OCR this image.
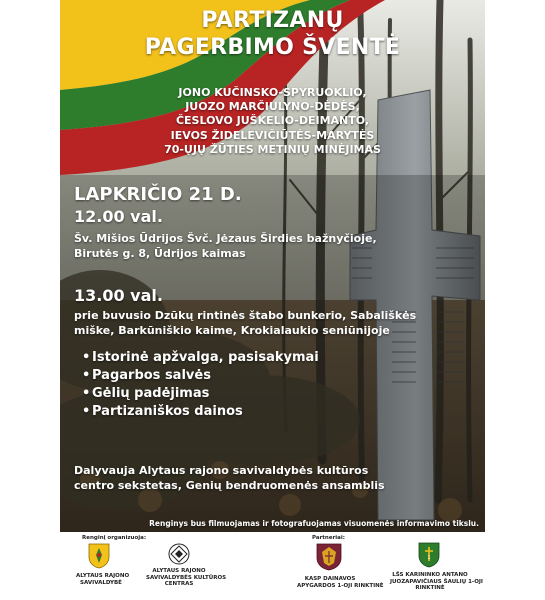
PARTIZANŲ
PAGERBIMO ŠVENTĖ
JONO KUČINSKO-SPYRUOKLIO,
JUOZO MARČIULYNO-DĖDĖS,
ČESLOVO JUŠKELIO-DEIMANTO,
IEVOS ŽIDELEVIČIŪTĖS-MARYTĖS
70-ŲJŲ ŽŪTIES METINIŲ MINĖJIMAS
LAPKRIČIO 21 D.
12.00 val.
Šv. Mišios Ūdrijos Švč. Jėzaus Širdies bažnyčioje,
Birutės g. 8, Ūdrijos kaimas
13.00 val.
prie buvusio Dzūkų rintinės štabo bunkerio, Sabališkės
miške, Barkūniškio kaime, Krokialaukio seniūnijoje
• Istorinė apžvalga, pasisakymai
• Pagarbos salvės
• Gėlių padėjimas
• Partizaniškos dainos
Dalyvauja Alytaus rajono savivaldybės kultūros
centro sekstetas, Genių bendruomenės ansamblis
Renginys bus filmuojamas ir fotografuojamas visuomenės informavimo tikslu.
Renginį organizuoja:	Partneriai:
ALYTAUS RAJONO
SAVIVALDYBĖ
ALYTAUS RAJONO
SAVIVALDYBĖS KULTŪROS
CENTRAS
KASP DAINAVOS
APYGARDOS 1-OJI RINKTINĖ
1
LŠS KARININKO ANTANO
JUOZAPAVIČIAUS ŠAULIŲ 1-OJI
RINKTINĖ
